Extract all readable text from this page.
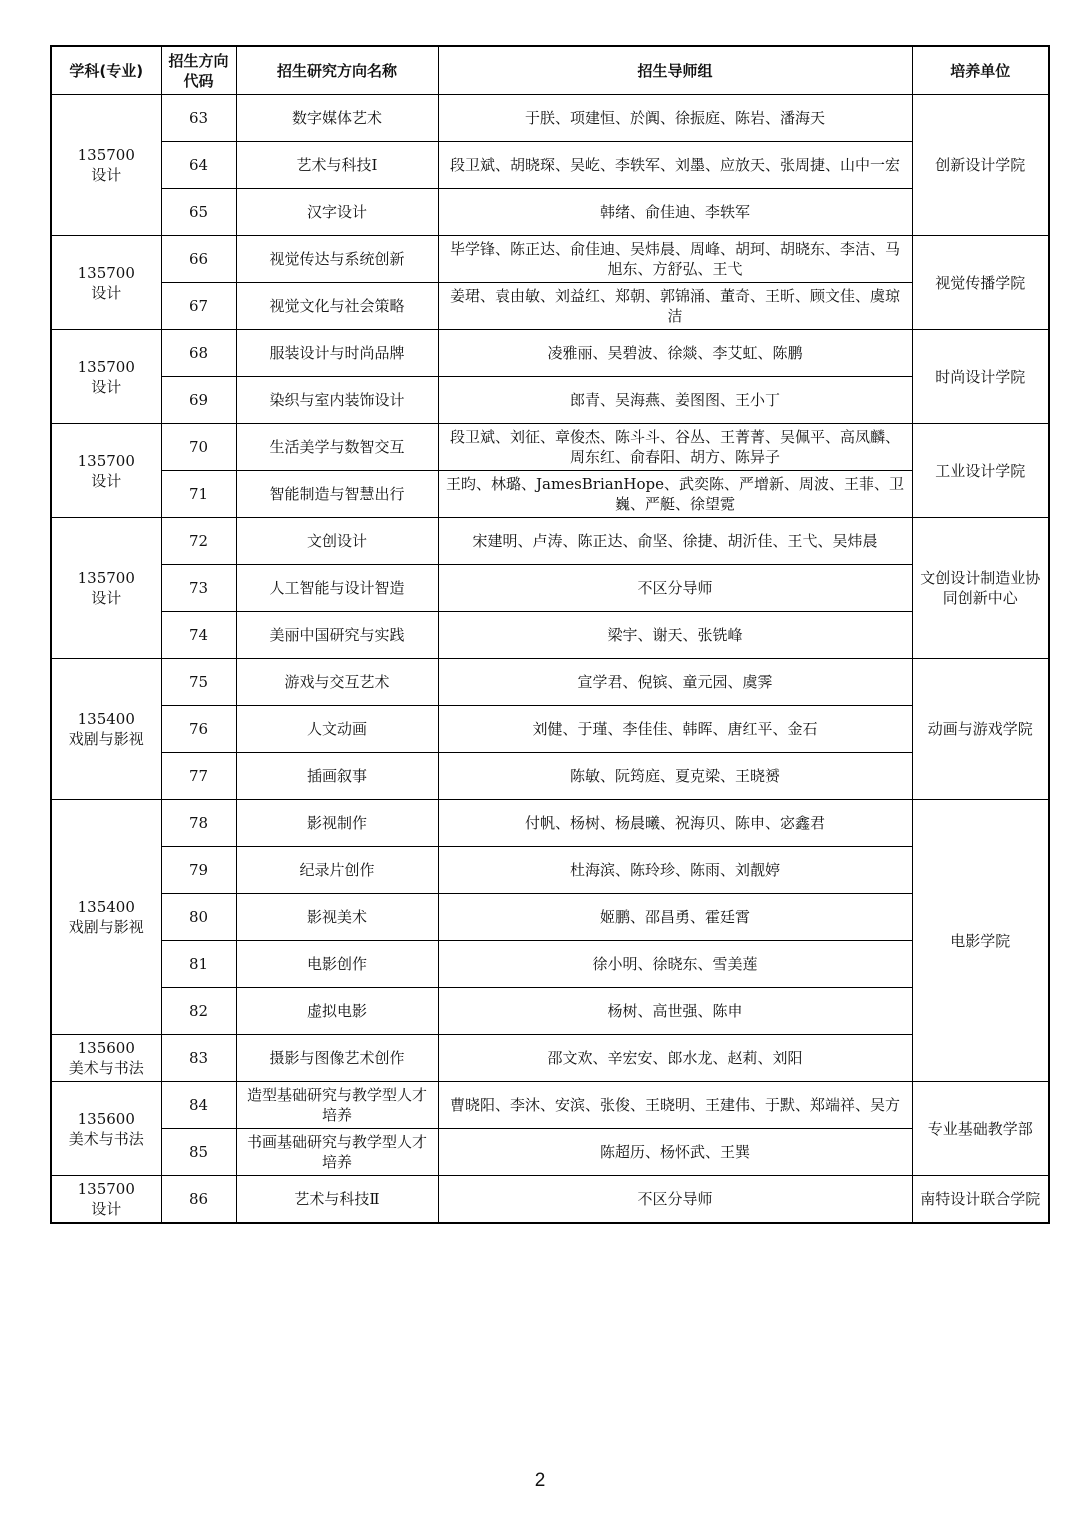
学科(专业)	招生方向代码	招生研究方向名称	招生导师组	培养单位
135700
设计	63	数字媒体艺术	于朕、项建恒、於阗、徐振庭、陈岩、潘海天	创新设计学院
	64	艺术与科技Ⅰ	段卫斌、胡晓琛、吴屹、李轶军、刘墨、应放天、张周捷、山中一宏	
	65	汉字设计	韩绪、俞佳迪、李轶军	
135700
设计	66	视觉传达与系统创新	毕学锋、陈正达、俞佳迪、吴炜晨、周峰、胡珂、胡晓东、李洁、马旭东、方舒弘、王弋	视觉传播学院
	67	视觉文化与社会策略	姜珺、袁由敏、刘益红、郑朝、郭锦涌、董奇、王昕、顾文佳、虞琼洁	
135700
设计	68	服装设计与时尚品牌	凌雅丽、吴碧波、徐燚、李艾虹、陈鹏	时尚设计学院
	69	染织与室内装饰设计	郎青、吴海燕、姜图图、王小丁	
135700
设计	70	生活美学与数智交互	段卫斌、刘征、章俊杰、陈斗斗、谷丛、王菁菁、吴佩平、高凤麟、周东红、俞春阳、胡方、陈异子	工业设计学院
	71	智能制造与智慧出行	王昀、林璐、JamesBrianHope、武奕陈、严增新、周波、王菲、卫巍、严艇、徐望霓	
135700
设计	72	文创设计	宋建明、卢涛、陈正达、俞坚、徐捷、胡沂佳、王弋、吴炜晨	文创设计制造业协同创新中心
	73	人工智能与设计智造	不区分导师	
	74	美丽中国研究与实践	梁宇、谢天、张铣峰	
135400
戏剧与影视	75	游戏与交互艺术	宣学君、倪镔、童元园、虞霁	动画与游戏学院
	76	人文动画	刘健、于瑾、李佳佳、韩晖、唐红平、金石	
	77	插画叙事	陈敏、阮筠庭、夏克梁、王晓赟	
135400
戏剧与影视	78	影视制作	付帆、杨树、杨晨曦、祝海贝、陈申、宓鑫君	电影学院
	79	纪录片创作	杜海滨、陈玲珍、陈雨、刘靓婷	
	80	影视美术	姬鹏、邵昌勇、霍廷霄	
	81	电影创作	徐小明、徐晓东、雪美莲	
	82	虚拟电影	杨树、高世强、陈申	
135600
美术与书法	83	摄影与图像艺术创作	邵文欢、辛宏安、郎水龙、赵莉、刘阳	
135600
美术与书法	84	造型基础研究与教学型人才培养	曹晓阳、李沐、安滨、张俊、王晓明、王建伟、于默、郑端祥、吴方	专业基础教学部
	85	书画基础研究与教学型人才培养	陈超历、杨怀武、王巽	
135700
设计	86	艺术与科技Ⅱ	不区分导师	南特设计联合学院
2
